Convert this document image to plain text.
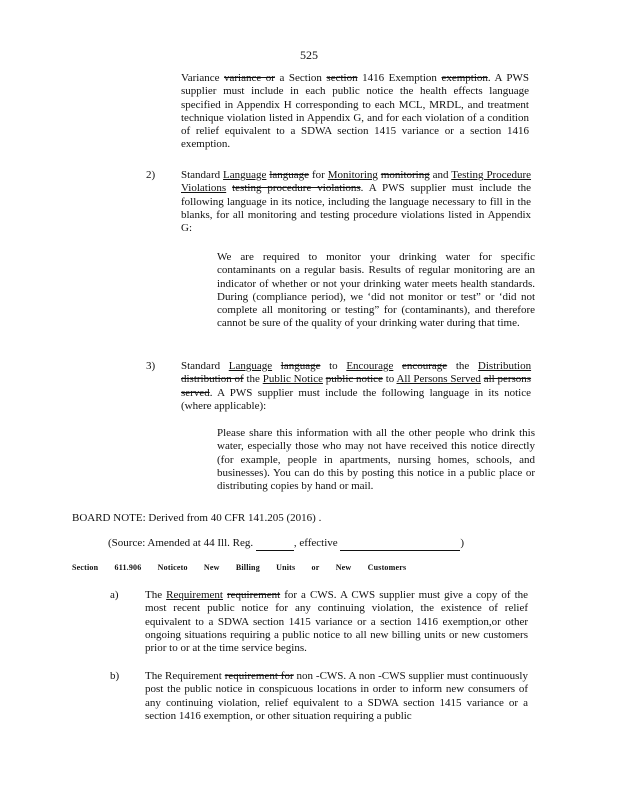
525
Variance variance or a Section section 1416 Exemption exemption. A PWS supplier must include in each public notice the health effects language specified in Appendix H corresponding to each MCL, MRDL, and treatment technique violation listed in Appendix G, and for each violation of a condition of relief equivalent to a SDWA section 1415 variance or a section 1416 exemption.
2) Standard Language language for Monitoring monitoring and Testing Procedure Violations testing procedure violations. A PWS supplier must include the following language in its notice, including the language necessary to fill in the blanks, for all monitoring and testing procedure violations listed in Appendix G:
We are required to monitor your drinking water for specific contaminants on a regular basis. Results of regular monitoring are an indicator of whether or not your drinking water meets health standards. During (compliance period), we ‘did not monitor or test” or ‘did not complete all monitoring or testing” for (contaminants), and therefore cannot be sure of the quality of your drinking water during that time.
3) Standard Language language to Encourage encourage the Distribution distribution of the Public Notice public notice to All Persons Served all persons served. A PWS supplier must include the following language in its notice (where applicable):
Please share this information with all the other people who drink this water, especially those who may not have received this notice directly (for example, people in apartments, nursing homes, schools, and businesses). You can do this by posting this notice in a public place or distributing copies by hand or mail.
BOARD NOTE: Derived from 40 CFR 141.205 (2016) .
(Source: Amended at 44 Ill. Reg.	, effective	)
Section 611.906 Noticeto New Billing Units or New Customers
a) The Requirement requirement for a CWS. A CWS supplier must give a copy of the most recent public notice for any continuing violation, the existence of relief equivalent to a SDWA section 1415 variance or a section 1416 exemption,or other ongoing situations requiring a public notice to all new billing units or new customers prior to or at the time service begins.
b) The Requirement requirement for non -CWS. A non -CWS supplier must continuously post the public notice in conspicuous locations in order to inform new consumers of any continuing violation, relief equivalent to a SDWA section 1415 variance or a section 1416 exemption, or other situation requiring a public
